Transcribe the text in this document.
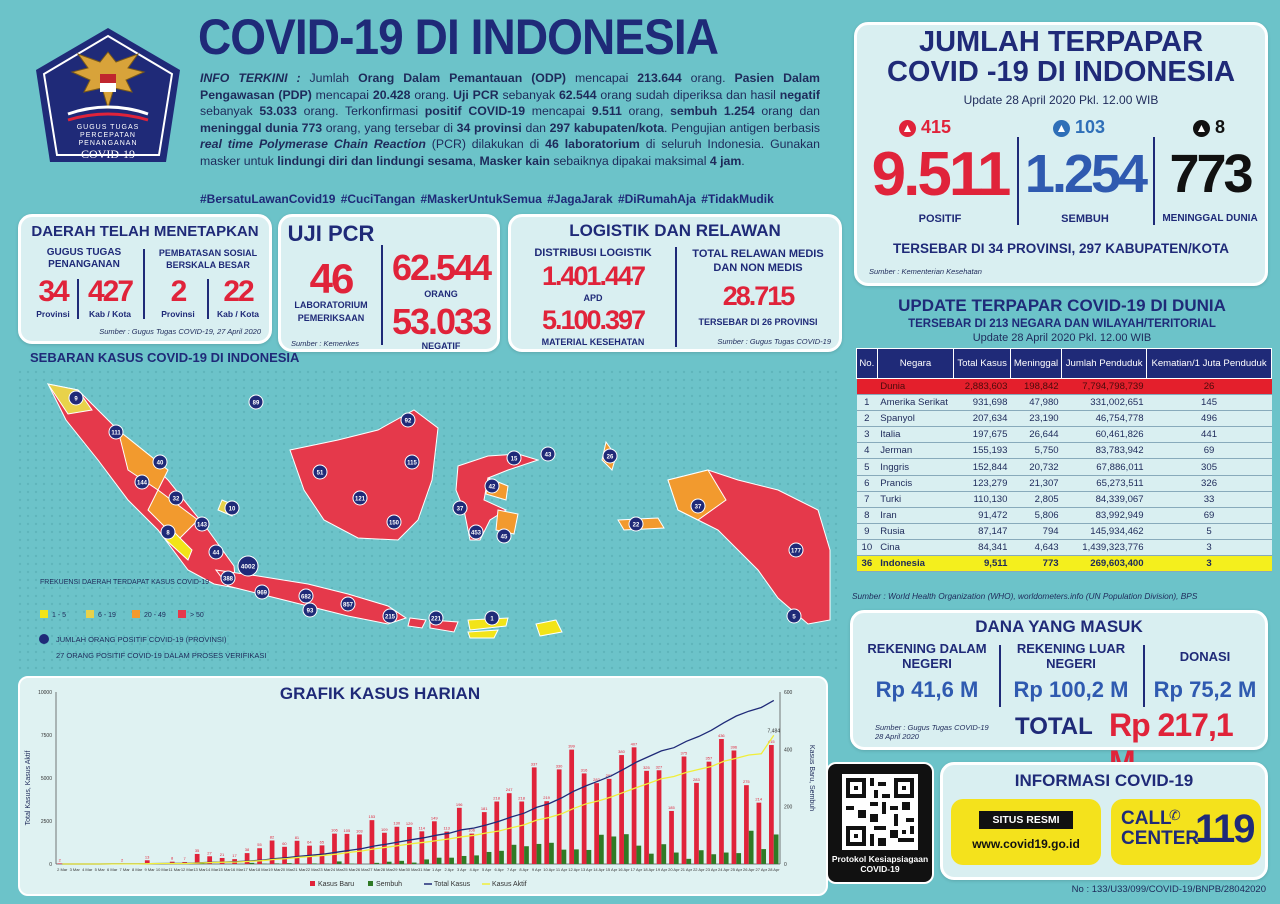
GUGUS TUGAS
PERCEPATAN
PENANGANAN
COVID-19
COVID-19 DI INDONESIA
INFO TERKINI : Jumlah Orang Dalam Pemantauan (ODP) mencapai 213.644 orang. Pasien Dalam Pengawasan (PDP) mencapai 20.428 orang. Uji PCR sebanyak 62.544 orang sudah diperiksa dan hasil negatif sebanyak 53.033 orang. Terkonfirmasi positif COVID-19 mencapai 9.511 orang, sembuh 1.254 orang dan meninggal dunia 773 orang, yang tersebar di 34 provinsi dan 297 kabupaten/kota. Pengujian antigen berbasis real time Polymerase Chain Reaction (PCR) dilakukan di 46 laboratorium di seluruh Indonesia. Gunakan masker untuk lindungi diri dan lindungi sesama, Masker kain sebaiknya dipakai maksimal 4 jam.
#BersatuLawanCovid19 #CuciTangan #MaskerUntukSemua #JagaJarak #DiRumahAja #TidakMudik
DAERAH TELAH MENETAPKAN
GUGUS TUGAS PENANGANAN
PEMBATASAN SOSIAL BERSKALA BESAR
34 427	2	22
Provinsi	Kab / Kota	Provinsi	Kab / Kota
Sumber : Gugus Tugas COVID-19, 27 April 2020
UJI PCR
46
LABORATORIUM PEMERIKSAAN
Sumber : Kemenkes
62.544
ORANG
53.033
NEGATIF
LOGISTIK DAN RELAWAN
DISTRIBUSI LOGISTIK
1.401.447
APD
5.100.397
MATERIAL KESEHATAN
TOTAL RELAWAN MEDIS DAN NON MEDIS
28.715
TERSEBAR DI 26 PROVINSI
Sumber : Gugus Tugas COVID-19
JUMLAH TERPAPAR
COVID -19 DI INDONESIA
Update 28 April 2020 Pkl. 12.00 WIB
▲ 415
9.511
POSITIF
▲ 103
1.254
SEMBUH
▲ 8
773
MENINGGAL DUNIA
TERSEBAR DI 34 PROVINSI, 297 KABUPATEN/KOTA
Sumber : Kementerian Kesehatan
UPDATE TERPAPAR COVID-19 DI DUNIA
TERSEBAR DI 213 NEGARA DAN WILAYAH/TERITORIAL
Update 28 April 2020 Pkl. 12.00 WIB
No.	Negara	Total Kasus	Meninggal	Jumlah Penduduk	Kematian/1 Juta Penduduk
	Dunia	2,883,603	198,842	7,794,798,739	26
1	Amerika Serikat	931,698	47,980	331,002,651	145
2	Spanyol	207,634	23,190	46,754,778	496
3	Italia	197,675	26,644	60,461,826	441
4	Jerman	155,193	5,750	83,783,942	69
5	Inggris	152,844	20,732	67,886,011	305
6	Prancis	123,279	21,307	65,273,511	326
7	Turki	110,130	2,805	84,339,067	33
8	Iran	91,472	5,806	83,992,949	69
9	Rusia	87,147	794	145,934,462	5
10	Cina	84,341	4,643	1,439,323,776	3
36	Indonesia	9,511	773	269,603,400	3
Sumber : World Health Organization (WHO), worldometers.info (UN Population Division), BPS
DANA YANG MASUK
REKENING DALAM NEGERI
Rp 41,6 M
REKENING LUAR NEGERI
Rp 100,2 M
DONASI
Rp 75,2 M
Sumber : Gugus Tugas COVID-19 28 April 2020	TOTAL Rp 217,1
Protokol Kesiapsiagaan COVID-19
INFORMASI COVID-19
SITUS RESMI
www.covid19.go.id
CALL
CENTER
✆ 119
No : 133/U33/099/COVID-19/BNPB/28042020
SEBARAN KASUS COVID-19 DI INDONESIA
9
111
40
144
32
8
10
143
44
4002
388
969
682
93
857
215	221	1
89
51
121
150
92
115
15
43
42
37
453
45
26
22
37
177
5
FREKUENSI DAERAH TERDAPAT KASUS COVID-19
1 - 5	6 - 19	20 - 49	> 50
JUMLAH ORANG POSITIF COVID-19 (PROVINSI)
27 ORANG POSITIF COVID-19 DALAM PROSES VERIFIKASI
GRAFIK KASUS HARIAN
10000
7500
5000
2500
0
600
400
200
0
Total Kasus, Kasus Aktif	Kasus Baru, Sembuh
2
2 Mar 3 Mar 4 Mar 5 Mar 6 Mar
2
7 Mar 8 Mar
13
9 Mar 10 Mar
8
11 Mar
7
12 Mar
35
13 Mar
27
14 Mar
21
15 Mar
17
16 Mar
38
17 Mar
55
18 Mar
82
19 Mar
60
20 Mar
81
21 Mar
64
22 Mar
65
23 Mar
106
24 Mar
105
25 Mar
103
26 Mar
153
27 Mar
109
28 Mar
130
29 Mar
129
30 Mar
114
31 Mar
149
1 Apr
113
2 Apr
196
3 Apr
106
4 Apr
181
5 Apr
218
6 Apr
247
7 Apr
218
8 Apr
337
9 Apr
219
10 Apr
330
11 Apr
399
12 Apr
316
13 Apr
282
14 Apr
297
15 Apr
380
16 Apr
407
17 Apr
325
18 Apr
327
19 Apr
185
20 Apr
375
21 Apr
283
22 Apr
357
23 Apr
436
24 Apr
396
25 Apr
275
26 Apr
214
27 Apr
415
28 Apr
7,484
Kasus Baru	Sembuh	Total Kasus	Kasus Aktif
